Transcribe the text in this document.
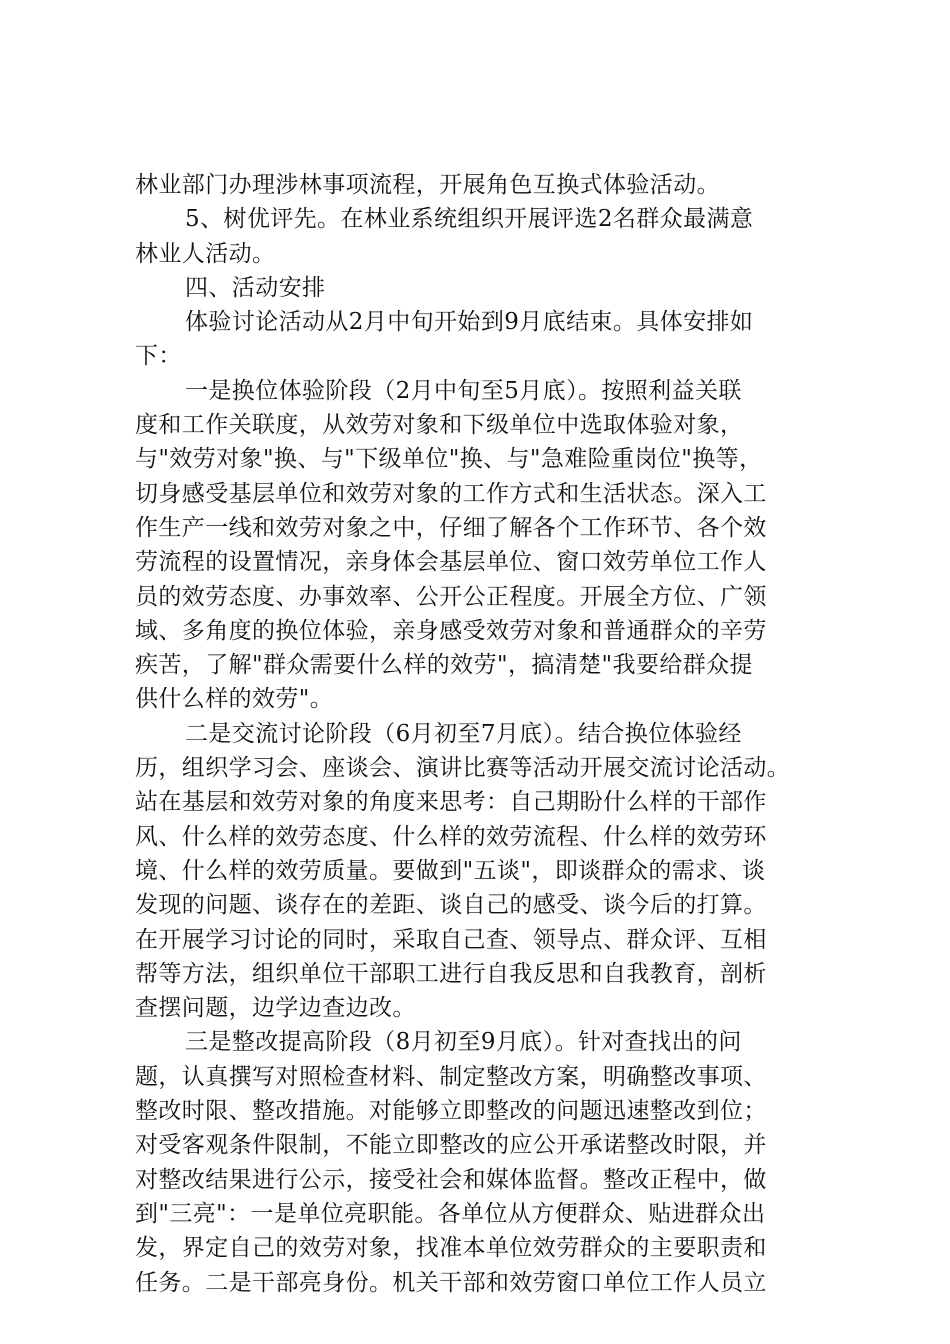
林业部门办理涉林事项流程，开展角色互换式体验活动。
5、树优评先。在林业系统组织开展评选2名群众最满意
林业人活动。
四、活动安排
体验讨论活动从2月中旬开始到9月底结束。具体安排如
下：
一是换位体验阶段（2月中旬至5月底）。按照利益关联
度和工作关联度，从效劳对象和下级单位中选取体验对象，
与"效劳对象"换、与"下级单位"换、与"急难险重岗位"换等，
切身感受基层单位和效劳对象的工作方式和生活状态。深入工
作生产一线和效劳对象之中，仔细了解各个工作环节、各个效
劳流程的设置情况，亲身体会基层单位、窗口效劳单位工作人
员的效劳态度、办事效率、公开公正程度。开展全方位、广领
域、多角度的换位体验，亲身感受效劳对象和普通群众的辛劳
疾苦，了解"群众需要什么样的效劳"，搞清楚"我要给群众提
供什么样的效劳"。
二是交流讨论阶段（6月初至7月底）。结合换位体验经
历，组织学习会、座谈会、演讲比赛等活动开展交流讨论活动。
站在基层和效劳对象的角度来思考：自己期盼什么样的干部作
风、什么样的效劳态度、什么样的效劳流程、什么样的效劳环
境、什么样的效劳质量。要做到"五谈"，即谈群众的需求、谈
发现的问题、谈存在的差距、谈自己的感受、谈今后的打算。
在开展学习讨论的同时，采取自己查、领导点、群众评、互相
帮等方法，组织单位干部职工进行自我反思和自我教育，剖析
查摆问题，边学边查边改。
三是整改提高阶段（8月初至9月底）。针对查找出的问
题，认真撰写对照检查材料、制定整改方案，明确整改事项、
整改时限、整改措施。对能够立即整改的问题迅速整改到位；
对受客观条件限制，不能立即整改的应公开承诺整改时限，并
对整改结果进行公示，接受社会和媒体监督。整改正程中，做
到"三亮"：一是单位亮职能。各单位从方便群众、贴进群众出
发，界定自己的效劳对象，找准本单位效劳群众的主要职责和
任务。二是干部亮身份。机关干部和效劳窗口单位工作人员立
